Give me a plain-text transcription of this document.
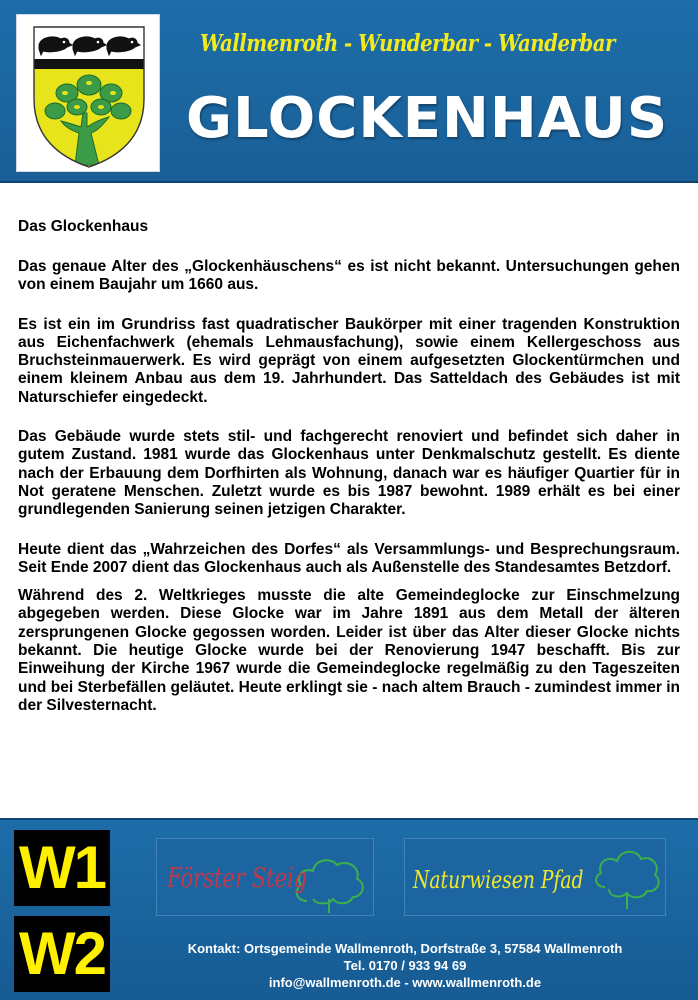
Wallmenroth - Wunderbar - Wanderbar
GLOCKENHAUS
Das Glockenhaus

Das genaue Alter des „Glockenhäuschens“ es ist nicht bekannt. Untersuchungen gehen von einem Baujahr um 1660 aus.

Es ist ein im Grundriss fast quadratischer Baukörper mit einer tragenden Konstruktion aus Eichenfachwerk (ehemals Lehmausfachung), sowie einem Kellergeschoss aus Bruchsteinmauerwerk. Es wird geprägt von einem aufgesetzten Glockentürmchen und einem kleinem Anbau aus dem 19. Jahrhundert. Das Satteldach des Gebäudes ist mit Naturschiefer eingedeckt.

Das Gebäude wurde stets stil- und fachgerecht renoviert und befindet sich daher in gutem Zustand. 1981 wurde das Glockenhaus unter Denkmalschutz gestellt. Es diente nach der Erbauung dem Dorfhirten als Wohnung, danach war es häufiger Quartier für in Not geratene Menschen. Zuletzt wurde es bis 1987 bewohnt. 1989 erhält es bei einer grundlegenden Sanierung seinen jetzigen Charakter.

Heute dient das „Wahrzeichen des Dorfes“ als Versammlungs- und Besprechungsraum. Seit Ende 2007 dient das Glockenhaus auch als Außenstelle des Standesamtes Betzdorf.

Während des 2. Weltkrieges musste die alte Gemeindeglocke zur Einschmelzung abgegeben werden. Diese Glocke war im Jahre 1891 aus dem Metall der älteren zersprungenen Glocke gegossen worden. Leider ist über das Alter dieser Glocke nichts bekannt. Die heutige Glocke wurde bei der Renovierung 1947 beschafft. Bis zur Einweihung der Kirche 1967 wurde die Gemeindeglocke regelmäßig zu den Tageszeiten und bei Sterbefällen geläutet. Heute erklingt sie - nach altem Brauch - zumindest immer in der Silvesternacht.

W1
W2
Förster Steig	Naturwiesen Pfad
Kontakt: Ortsgemeinde Wallmenroth, Dorfstraße 3, 57584 Wallmenroth
Tel. 0170 / 933 94 69
info@wallmenroth.de - www.wallmenroth.de
